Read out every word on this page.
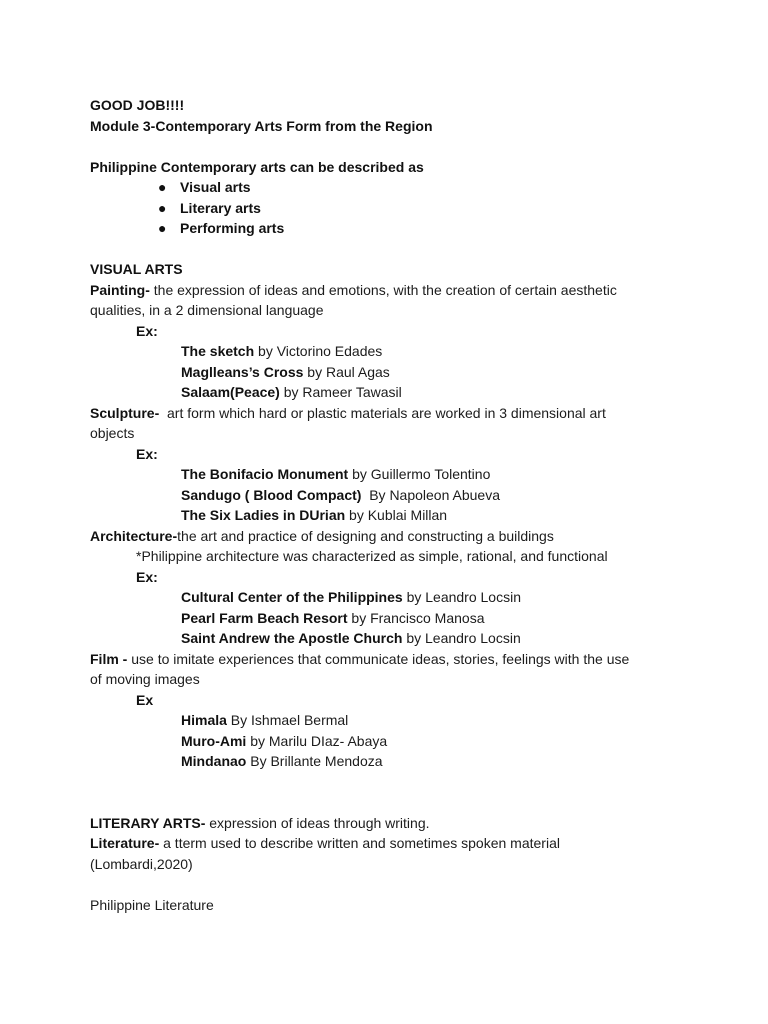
GOOD JOB!!!!
Module 3-Contemporary Arts Form from the Region
Philippine Contemporary arts can be described as
● Visual arts
● Literary arts
● Performing arts
VISUAL ARTS
Painting- the expression of ideas and emotions, with the creation of certain aesthetic
qualities, in a 2 dimensional language
Ex:
The sketch by Victorino Edades
Maglleans’s Cross by Raul Agas
Salaam(Peace) by Rameer Tawasil
Sculpture-  art form which hard or plastic materials are worked in 3 dimensional art
objects
Ex:
The Bonifacio Monument by Guillermo Tolentino
Sandugo ( Blood Compact)  By Napoleon Abueva
The Six Ladies in DUrian by Kublai Millan
Architecture-the art and practice of designing and constructing a buildings
*Philippine architecture was characterized as simple, rational, and functional
Ex:
Cultural Center of the Philippines by Leandro Locsin
Pearl Farm Beach Resort by Francisco Manosa
Saint Andrew the Apostle Church by Leandro Locsin
Film - use to imitate experiences that communicate ideas, stories, feelings with the use
of moving images
Ex
Himala By Ishmael Bermal
Muro-Ami by Marilu DIaz- Abaya
Mindanao By Brillante Mendoza
LITERARY ARTS- expression of ideas through writing.
Literature- a tterm used to describe written and sometimes spoken material
(Lombardi,2020)
Philippine Literature
